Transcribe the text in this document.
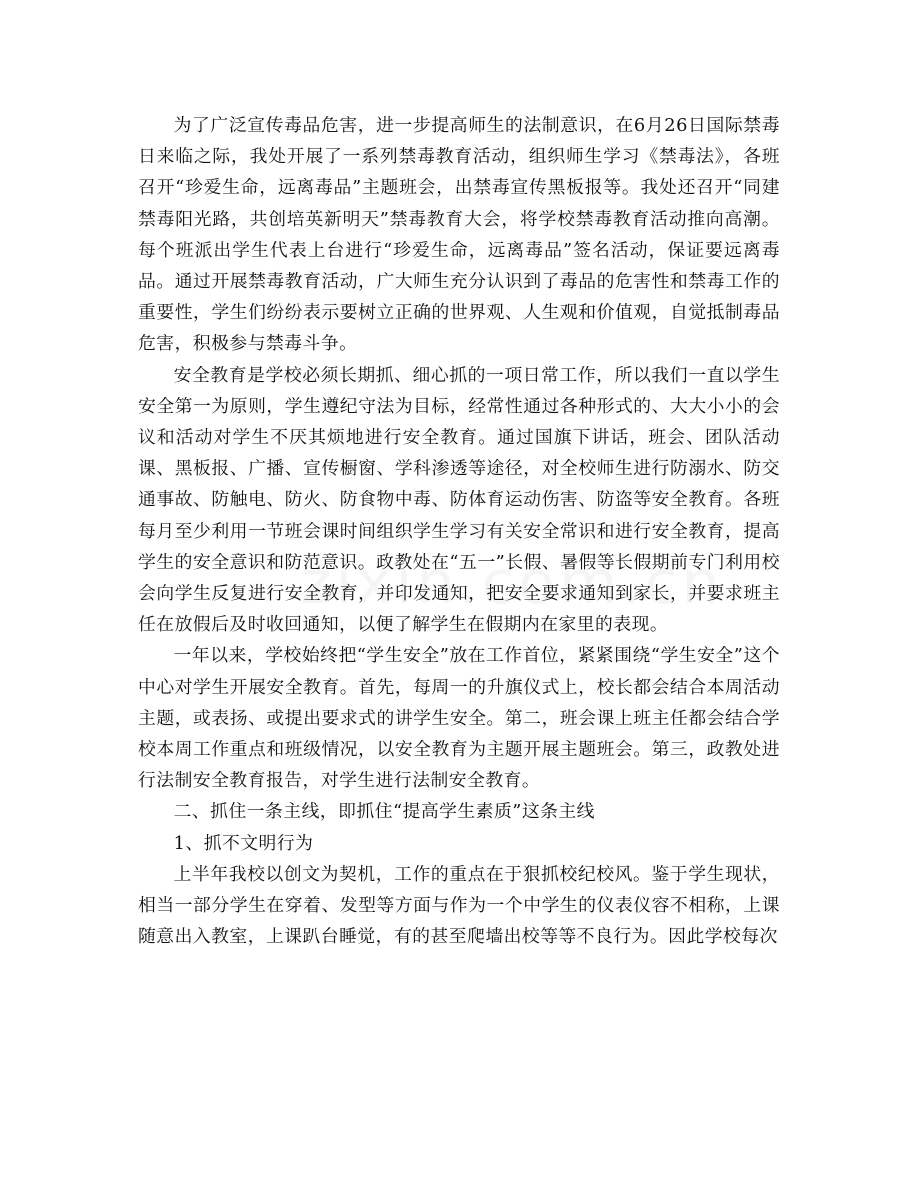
为了广泛宣传毒品危害，进一步提高师生的法制意识，在6月26日国际禁毒日来临之际，我处开展了一系列禁毒教育活动，组织师生学习《禁毒法》，各班召开“珍爱生命，远离毒品”主题班会，出禁毒宣传黑板报等。我处还召开“同建禁毒阳光路，共创培英新明天”禁毒教育大会，将学校禁毒教育活动推向高潮。每个班派出学生代表上台进行“珍爱生命，远离毒品”签名活动，保证要远离毒品。通过开展禁毒教育活动，广大师生充分认识到了毒品的危害性和禁毒工作的重要性，学生们纷纷表示要树立正确的世界观、人生观和价值观，自觉抵制毒品危害，积极参与禁毒斗争。

安全教育是学校必须长期抓、细心抓的一项日常工作，所以我们一直以学生安全第一为原则，学生遵纪守法为目标，经常性通过各种形式的、大大小小的会议和活动对学生不厌其烦地进行安全教育。通过国旗下讲话，班会、团队活动课、黑板报、广播、宣传橱窗、学科渗透等途径，对全校师生进行防溺水、防交通事故、防触电、防火、防食物中毒、防体育运动伤害、防盗等安全教育。各班每月至少利用一节班会课时间组织学生学习有关安全常识和进行安全教育，提高学生的安全意识和防范意识。政教处在“五一”长假、暑假等长假期前专门利用校会向学生反复进行安全教育，并印发通知，把安全要求通知到家长，并要求班主任在放假后及时收回通知，以便了解学生在假期内在家里的表现。

一年以来，学校始终把“学生安全”放在工作首位，紧紧围绕“学生安全”这个中心对学生开展安全教育。首先，每周一的升旗仪式上，校长都会结合本周活动主题，或表扬、或提出要求式的讲学生安全。第二，班会课上班主任都会结合学校本周工作重点和班级情况，以安全教育为主题开展主题班会。第三，政教处进行法制安全教育报告，对学生进行法制安全教育。

二、抓住一条主线，即抓住“提高学生素质”这条主线

1、抓不文明行为

上半年我校以创文为契机，工作的重点在于狠抓校纪校风。鉴于学生现状，相当一部分学生在穿着、发型等方面与作为一个中学生的仪表仪容不相称，上课随意出入教室，上课趴台睡觉，有的甚至爬墙出校等等不良行为。因此学校每次
